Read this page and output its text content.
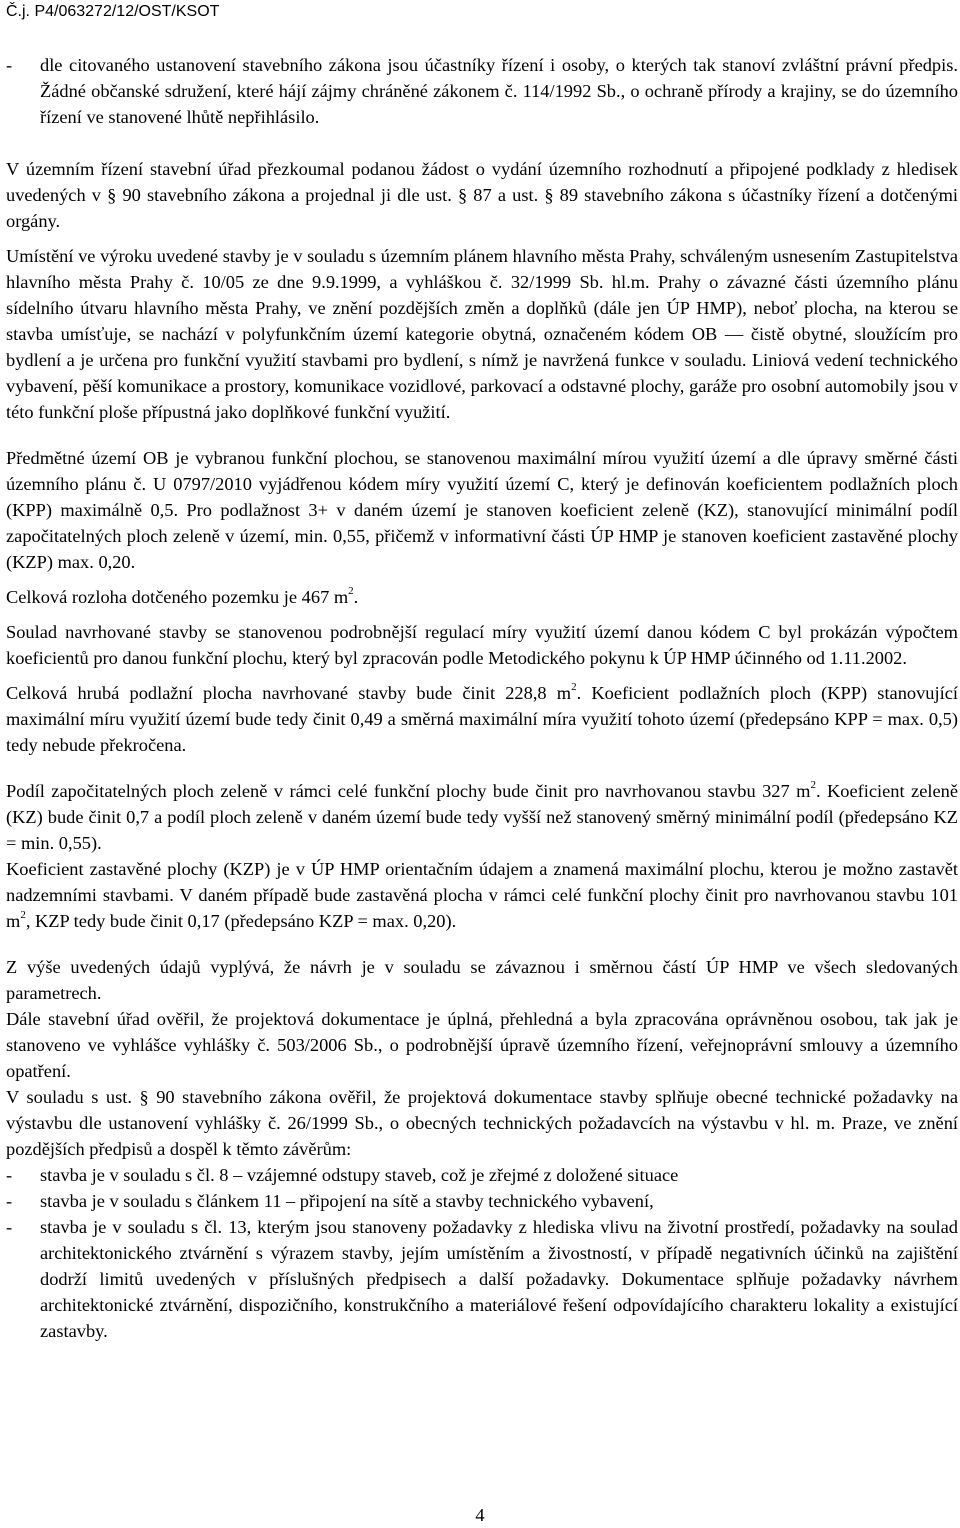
Č.j. P4/063272/12/OST/KSOT
- dle citovaného ustanovení stavebního zákona jsou účastníky řízení i osoby, o kterých tak stanoví zvláštní právní předpis. Žádné občanské sdružení, které hájí zájmy chráněné zákonem č. 114/1992 Sb., o ochraně přírody a krajiny, se do územního řízení ve stanovené lhůtě nepřihlásilo.

V územním řízení stavební úřad přezkoumal podanou žádost o vydání územního rozhodnutí a připojené podklady z hledisek uvedených v § 90 stavebního zákona a projednal ji dle ust. § 87 a ust. § 89 stavebního zákona s účastníky řízení a dotčenými orgány.

Umístění ve výroku uvedené stavby je v souladu s územním plánem hlavního města Prahy, schváleným usnesením Zastupitelstva hlavního města Prahy č. 10/05 ze dne 9.9.1999, a vyhláškou č. 32/1999 Sb. hl.m. Prahy o závazné části územního plánu sídelního útvaru hlavního města Prahy, ve znění pozdějších změn a doplňků (dále jen ÚP HMP), neboť plocha, na kterou se stavba umísťuje, se nachází v polyfunkčním území kategorie obytná, označeném kódem OB — čistě obytné, sloužícím pro bydlení a je určena pro funkční využití stavbami pro bydlení, s nímž je navržená funkce v souladu. Liniová vedení technického vybavení, pěší komunikace a prostory, komunikace vozidlové, parkovací a odstavné plochy, garáže pro osobní automobily jsou v této funkční ploše přípustná jako doplňkové funkční využití.

Předmětné území OB je vybranou funkční plochou, se stanovenou maximální mírou využití území a dle úpravy směrné části územního plánu č. U 0797/2010 vyjádřenou kódem míry využití území C, který je definován koeficientem podlažních ploch (KPP) maximálně 0,5. Pro podlažnost 3+ v daném území je stanoven koeficient zeleně (KZ), stanovující minimální podíl započitatelných ploch zeleně v území, min. 0,55, přičemž v informativní části ÚP HMP je stanoven koeficient zastavěné plochy (KZP) max. 0,20.

Celková rozloha dotčeného pozemku je 467 $m^2$.

Soulad navrhované stavby se stanovenou podrobnější regulací míry využití území danou kódem C byl prokázán výpočtem koeficientů pro danou funkční plochu, který byl zpracován podle Metodického pokynu k ÚP HMP účinného od 1.11.2002.

Celková hrubá podlažní plocha navrhované stavby bude činit 228,8 $m^2$. Koeficient podlažních ploch (KPP) stanovující maximální míru využití území bude tedy činit 0,49 a směrná maximální míra využití tohoto území (předepsáno KPP = max. 0,5) tedy nebude překročena.

Podíl započitatelných ploch zeleně v rámci celé funkční plochy bude činit pro navrhovanou stavbu 327 $m^2$. Koeficient zeleně (KZ) bude činit 0,7 a podíl ploch zeleně v daném území bude tedy vyšší než stanovený směrný minimální podíl (předepsáno KZ = min. 0,55).

Koeficient zastavěné plochy (KZP) je v ÚP HMP orientačním údajem a znamená maximální plochu, kterou je možno zastavět nadzemními stavbami. V daném případě bude zastavěná plocha v rámci celé funkční plochy činit pro navrhovanou stavbu 101 $m^2$, KZP tedy bude činit 0,17 (předepsáno KZP = max. 0,20).

Z výše uvedených údajů vyplývá, že návrh je v souladu se závaznou i směrnou částí ÚP HMP ve všech sledovaných parametrech.

Dále stavební úřad ověřil, že projektová dokumentace je úplná, přehledná a byla zpracována oprávněnou osobou, tak jak je stanoveno ve vyhlášce vyhlášky č. 503/2006 Sb., o podrobnější úpravě územního řízení, veřejnoprávní smlouvy a územního opatření.

V souladu s ust. § 90 stavebního zákona ověřil, že projektová dokumentace stavby splňuje obecné technické požadavky na výstavbu dle ustanovení vyhlášky č. 26/1999 Sb., o obecných technických požadavcích na výstavbu v hl. m. Praze, ve znění pozdějších předpisů a dospěl k těmto závěrům:

- stavba je v souladu s čl. 8 – vzájemné odstupy staveb, což je zřejmé z doložené situace
- stavba je v souladu s článkem 11 – připojení na sítě a stavby technického vybavení,
- stavba je v souladu s čl. 13, kterým jsou stanoveny požadavky z hlediska vlivu na životní prostředí, požadavky na soulad architektonického ztvárnění s výrazem stavby, jejím umístěním a živostností, v případě negativních účinků na zajištění dodrží limitů uvedených v příslušných předpisech a další požadavky. Dokumentace splňuje požadavky návrhem architektonické ztvárnění, dispozičního, konstrukčního a materiálové řešení odpovídajícího charakteru lokality a existující zastavby.
4
